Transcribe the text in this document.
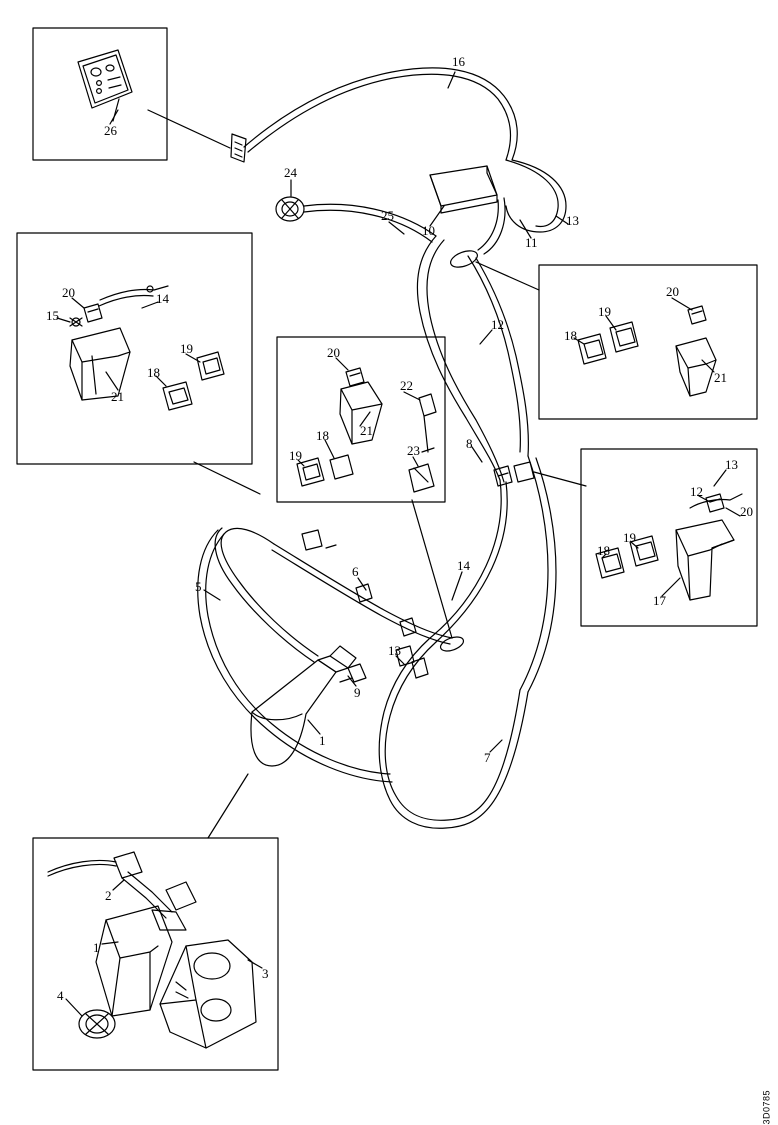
16
26
24
25
10
11
13
20	14
15
19
18
21
20
19
18
21
12
20
22
18 21
23
19
8
13
12
20
19
18
17
5
6	14
13
9
1
7
2
1
3
4
3D0785
